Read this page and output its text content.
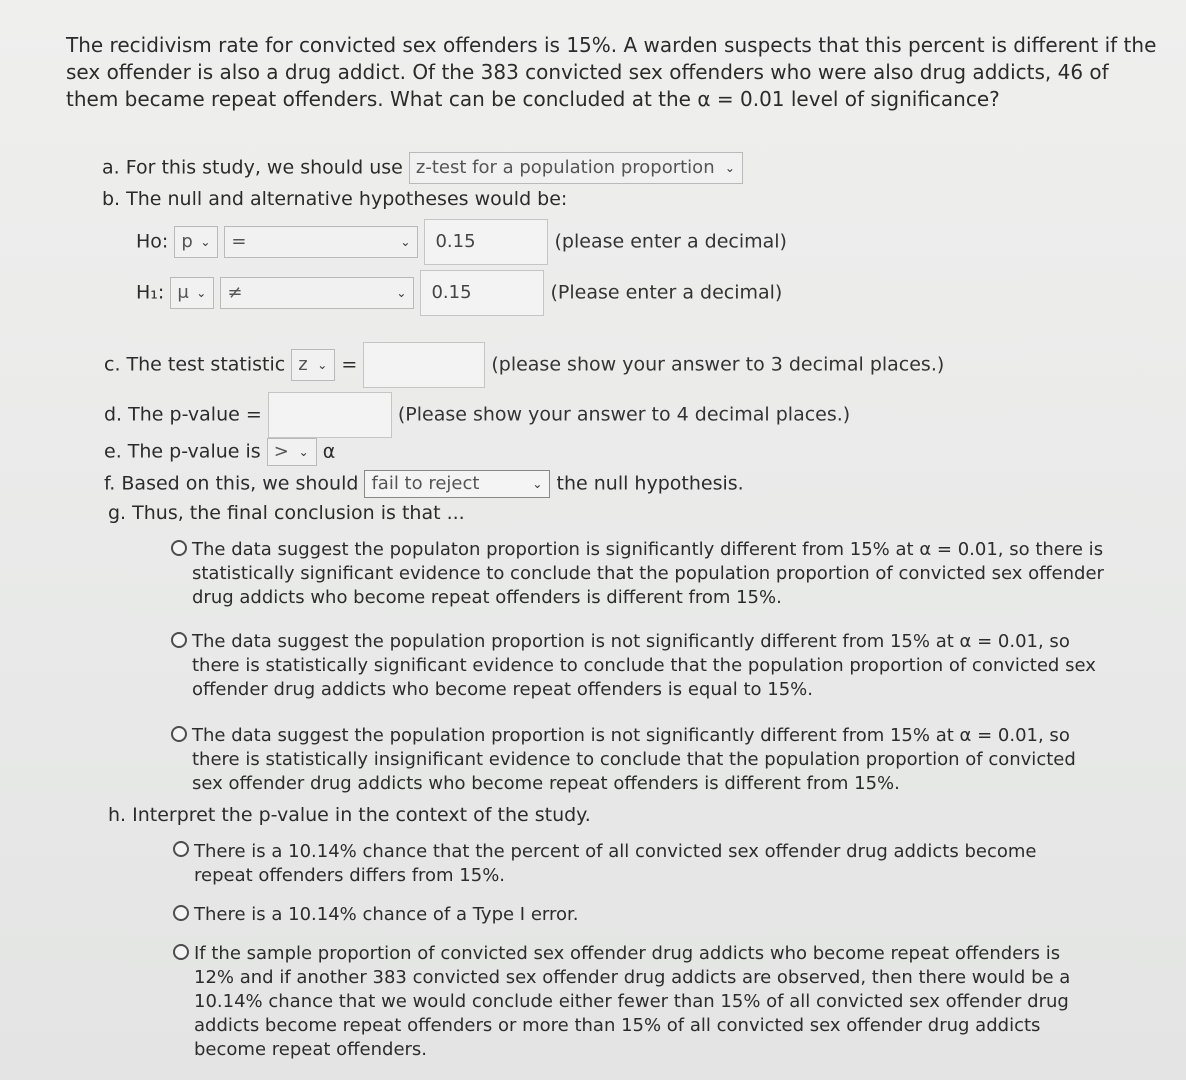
The recidivism rate for convicted sex offenders is 15%. A warden suspects that this percent is different if the sex offender is also a drug addict. Of the 383 convicted sex offenders who were also drug addicts, 46 of them became repeat offenders. What can be concluded at the α = 0.01 level of significance?
a. For this study, we should use z-test for a population proportion ⌄
b. The null and alternative hypotheses would be:
Ho: p ⌄ =	⌄ 0.15	(please enter a decimal)
H₁: μ ⌄ ≠	⌄ 0.15	(Please enter a decimal)
c. The test statistic z ⌄ =	(please show your answer to 3 decimal places.)
d. The p-value =	(Please show your answer to 4 decimal places.)
e. The p-value is > ⌄ α
f. Based on this, we should fail to reject	⌄ the null hypothesis.
g. Thus, the final conclusion is that ...
The data suggest the populaton proportion is significantly different from 15% at α = 0.01, so there is statistically significant evidence to conclude that the population proportion of convicted sex offender drug addicts who become repeat offenders is different from 15%.
The data suggest the population proportion is not significantly different from 15% at α = 0.01, so there is statistically significant evidence to conclude that the population proportion of convicted sex offender drug addicts who become repeat offenders is equal to 15%.
The data suggest the population proportion is not significantly different from 15% at α = 0.01, so there is statistically insignificant evidence to conclude that the population proportion of convicted sex offender drug addicts who become repeat offenders is different from 15%.
h. Interpret the p-value in the context of the study.
There is a 10.14% chance that the percent of all convicted sex offender drug addicts become repeat offenders differs from 15%.
There is a 10.14% chance of a Type I error.
If the sample proportion of convicted sex offender drug addicts who become repeat offenders is 12% and if another 383 convicted sex offender drug addicts are observed, then there would be a 10.14% chance that we would conclude either fewer than 15% of all convicted sex offender drug addicts become repeat offenders or more than 15% of all convicted sex offender drug addicts become repeat offenders.
